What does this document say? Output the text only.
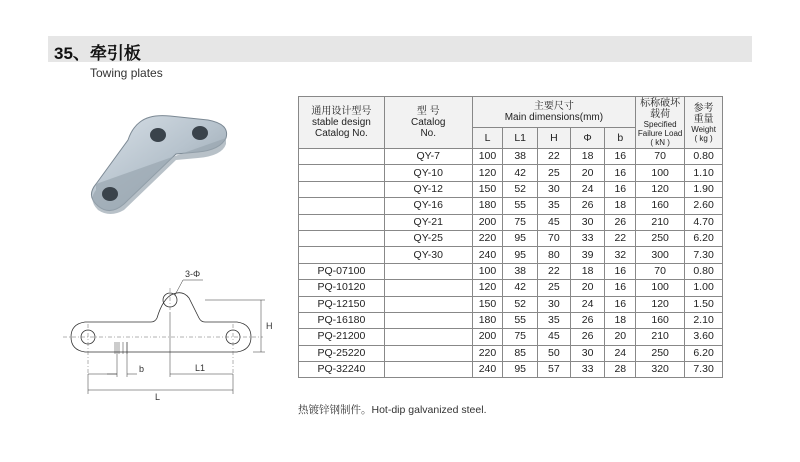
35、牵引板
Towing plates
3-Φ
H
b	L1
L
通用设计型号
stable design
Catalog No.	型 号
Catalog
No.	主要尺寸
Main dimensions(mm)					标称破坏
载荷
Specified
Failure Load
( kN )	参考
重量
Weight
( kg )

		L	L1	H	Φ	b		
	QY-7	100	38	22	18	16	70	0.80
	QY-10	120	42	25	20	16	100	1.10
	QY-12	150	52	30	24	16	120	1.90
	QY-16	180	55	35	26	18	160	2.60
	QY-21	200	75	45	30	26	210	4.70
	QY-25	220	95	70	33	22	250	6.20
	QY-30	240	95	80	39	32	300	7.30
PQ-07100		100	38	22	18	16	70	0.80
PQ-10120		120	42	25	20	16	100	1.00
PQ-12150		150	52	30	24	16	120	1.50
PQ-16180		180	55	35	26	18	160	2.10
PQ-21200		200	75	45	26	20	210	3.60
PQ-25220		220	85	50	30	24	250	6.20
PQ-32240		240	95	57	33	28	320	7.30
热镀锌钢制件。Hot-dip galvanized steel.
